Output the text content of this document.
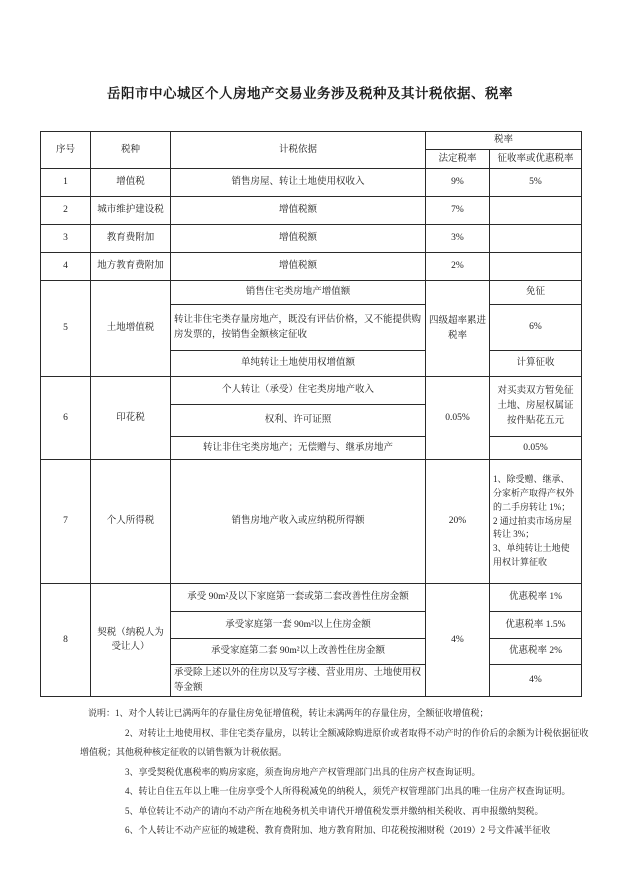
岳阳市中心城区个人房地产交易业务涉及税种及其计税依据、税率
序号	税种	计税依据	税率	
			法定税率	征收率或优惠税率
1	增值税	销售房屋、转让土地使用权收入	9%	5%
2	城市维护建设税	增值税额	7%	
3	教育费附加	增值税额	3%	
4	地方教育费附加	增值税额	2%	
5	土地增值税	销售住宅类房地产增值额	四级超率累进税率	免征
		转让非住宅类存量房地产，既没有评估价格，又不能提供购房发票的，按销售金额核定征收		6%
		单纯转让土地使用权增值额		计算征收
6	印花税	个人转让（承受）住宅类房地产收入	0.05%	对买卖双方暂免征
土地、房屋权属证按件贴花五元

		权利、许可证照		
		转让非住宅类房地产；无偿赠与、继承房地产		0.05%
7	个人所得税	销售房地产收入或应纳税所得额	20%	1、除受赠、继承、分家析产取得产权外的二手房转让 1%；
2 通过拍卖市场房屋转让 3%；
3、单纯转让土地使用权计算征收

8	契税（纳税人为受让人）	承受 90m²及以下家庭第一套或第二套改善性住房金额	4%	优惠税率 1%
		承受家庭第一套 90m²以上住房金额		优惠税率 1.5%
		承受家庭第二套 90m²以上改善性住房金额		优惠税率 2%
		承受除上述以外的住房以及写字楼、营业用房、土地使用权等金额		4%

说明：1、对个人转让已满两年的存量住房免征增值税，转让未满两年的存量住房，全额征收增值税；

2、对转让土地使用权、非住宅类存量房，以转让全额减除购进原价或者取得不动产时的作价后的余额为计税依据征收增值税；其他税种核定征收的以销售额为计税依据。

3、享受契税优惠税率的购房家庭，须查询房地产产权管理部门出具的住房产权查询证明。

4、转让自住五年以上唯一住房享受个人所得税减免的纳税人，须凭产权管理部门出具的唯一住房产权查询证明。

5、单位转让不动产的请向不动产所在地税务机关申请代开增值税发票并缴纳相关税收、再申报缴纳契税。

6、个人转让不动产应征的城建税、教育费附加、地方教育附加、印花税按湘财税（2019）2 号文件减半征收
